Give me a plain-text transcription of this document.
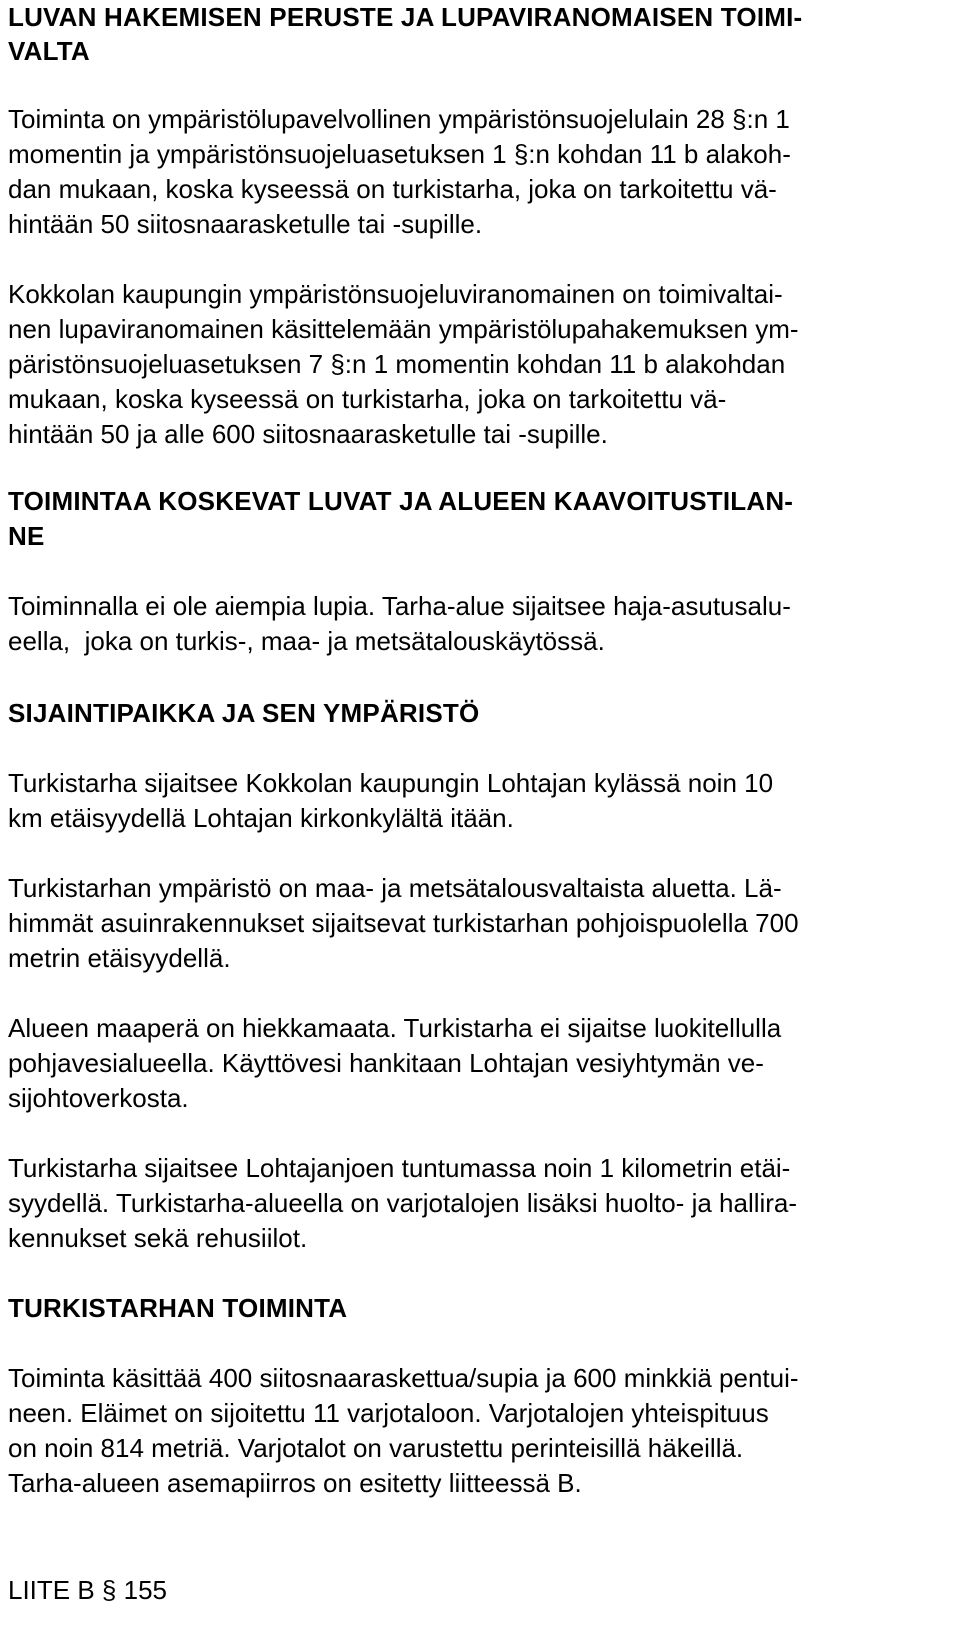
LUVAN HAKEMISEN PERUSTE JA LUPAVIRANOMAISEN TOIMI-
VALTA
Toiminta on ympäristölupavelvollinen ympäristönsuojelulain 28 §:n 1
momentin ja ympäristönsuojeluasetuksen 1 §:n kohdan 11 b alakoh-
dan mukaan, koska kyseessä on turkistarha, joka on tarkoitettu vä-
hintään 50 siitosnaarasketulle tai -supille.
Kokkolan kaupungin ympäristönsuojeluviranomainen on toimivaltai-
nen lupaviranomainen käsittelemään ympäristölupahakemuksen ym-
päristönsuojeluasetuksen 7 §:n 1 momentin kohdan 11 b alakohdan
mukaan, koska kyseessä on turkistarha, joka on tarkoitettu vä-
hintään 50 ja alle 600 siitosnaarasketulle tai -supille.
TOIMINTAA KOSKEVAT LUVAT JA ALUEEN KAAVOITUSTILAN-
NE
Toiminnalla ei ole aiempia lupia. Tarha-alue sijaitsee haja-asutusalu-
eella,  joka on turkis-, maa- ja metsätalouskäytössä.
SIJAINTIPAIKKA JA SEN YMPÄRISTÖ
Turkistarha sijaitsee Kokkolan kaupungin Lohtajan kylässä noin 10
km etäisyydellä Lohtajan kirkonkylältä itään.
Turkistarhan ympäristö on maa- ja metsätalousvaltaista aluetta. Lä-
himmät asuinrakennukset sijaitsevat turkistarhan pohjoispuolella 700
metrin etäisyydellä.
Alueen maaperä on hiekkamaata. Turkistarha ei sijaitse luokitellulla
pohjavesialueella. Käyttövesi hankitaan Lohtajan vesiyhtymän ve-
sijohtoverkosta.
Turkistarha sijaitsee Lohtajanjoen tuntumassa noin 1 kilometrin etäi-
syydellä. Turkistarha-alueella on varjotalojen lisäksi huolto- ja hallira-
kennukset sekä rehusiilot.
TURKISTARHAN TOIMINTA
Toiminta käsittää 400 siitosnaaraskettua/supia ja 600 minkkiä pentui-
neen. Eläimet on sijoitettu 11 varjotaloon. Varjotalojen yhteispituus
on noin 814 metriä. Varjotalot on varustettu perinteisillä häkeillä.
Tarha-alueen asemapiirros on esitetty liitteessä B.
LIITE B § 155
